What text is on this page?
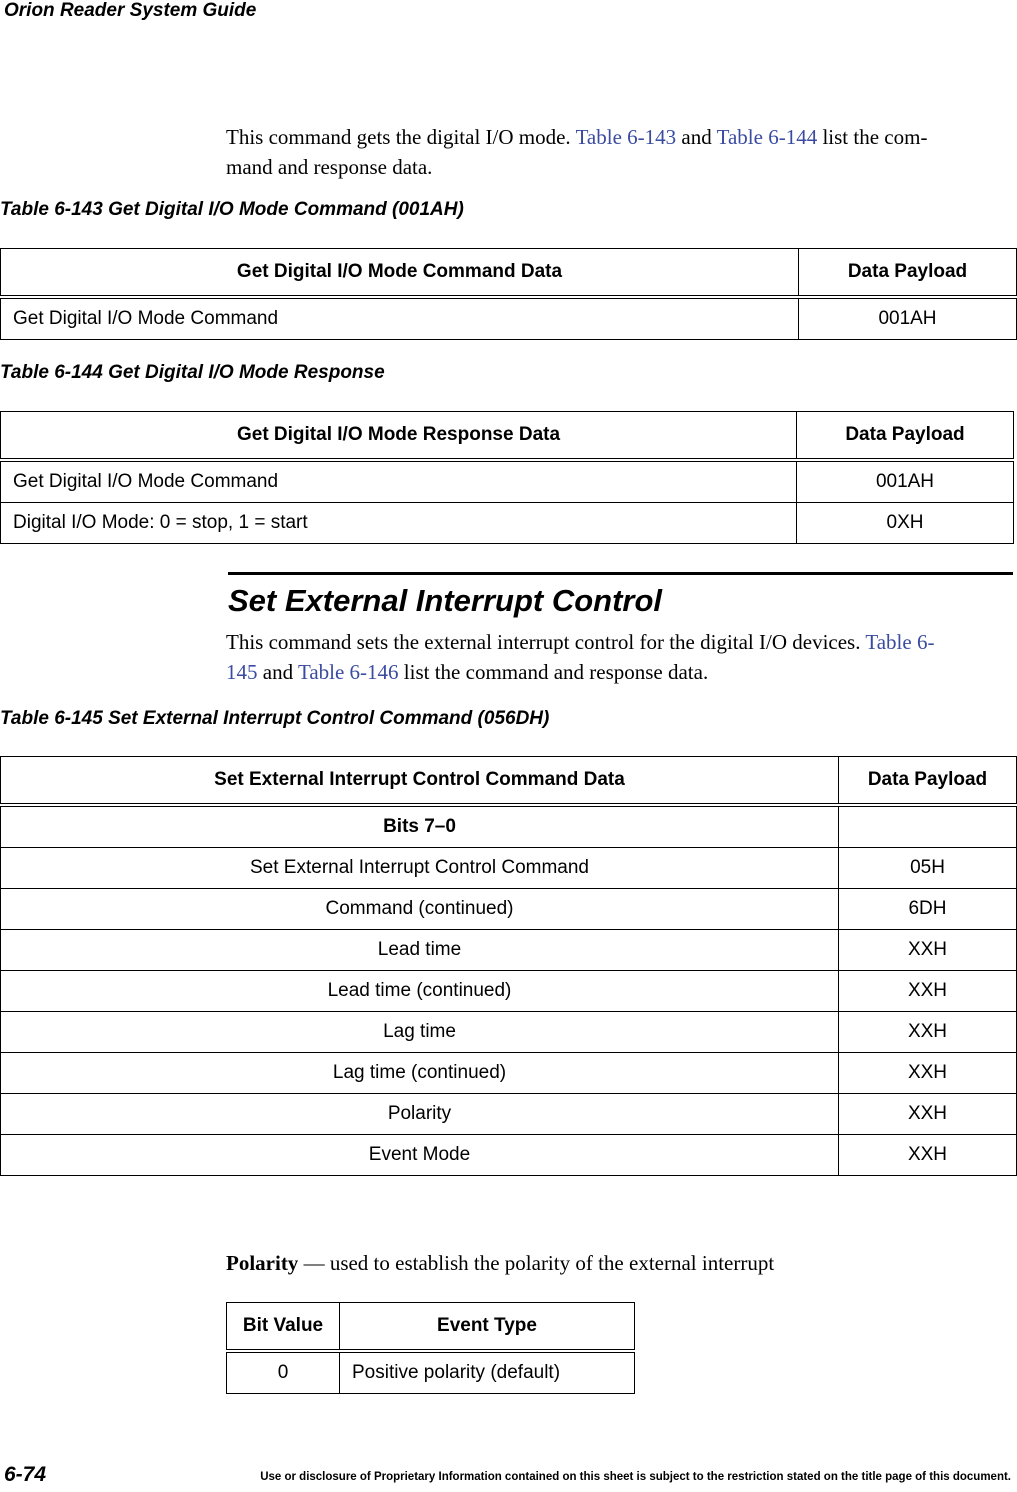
Orion Reader System Guide
This command gets the digital I/O mode. Table 6-143 and Table 6-144 list the com-
mand and response data.
Table 6-143 Get Digital I/O Mode Command (001AH)
Get Digital I/O Mode Command Data	Data Payload
Get Digital I/O Mode Command	001AH
Table 6-144 Get Digital I/O Mode Response
Get Digital I/O Mode Response Data	Data Payload
Get Digital I/O Mode Command	001AH
Digital I/O Mode: 0 = stop, 1 = start	0XH
Set External Interrupt Control
This command sets the external interrupt control for the digital I/O devices. Table 6-
145 and Table 6-146 list the command and response data.
Table 6-145 Set External Interrupt Control Command (056DH)
Set External Interrupt Control Command Data	Data Payload
Bits 7–0	
Set External Interrupt Control Command	05H
Command (continued)	6DH
Lead time	XXH
Lead time (continued)	XXH
Lag time	XXH
Lag time (continued)	XXH
Polarity	XXH
Event Mode	XXH
Polarity — used to establish the polarity of the external interrupt
Bit Value	Event Type
0	Positive polarity (default)
6-74	Use or disclosure of Proprietary Information contained on this sheet is subject to the restriction stated on the title page of this document.
